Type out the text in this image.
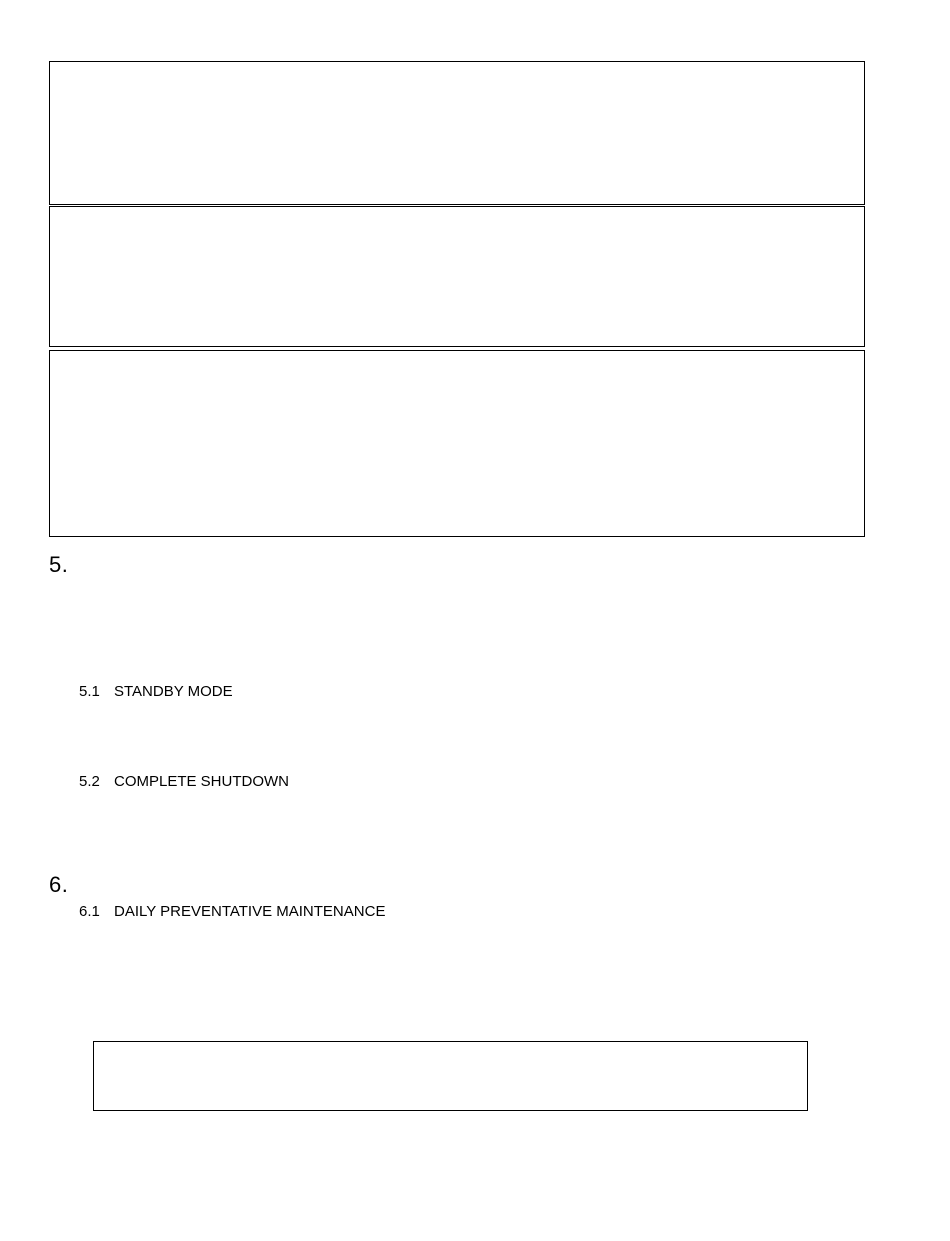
5.
5.1 STANDBY MODE
5.2 COMPLETE SHUTDOWN
6.
6.1 DAILY PREVENTATIVE MAINTENANCE
